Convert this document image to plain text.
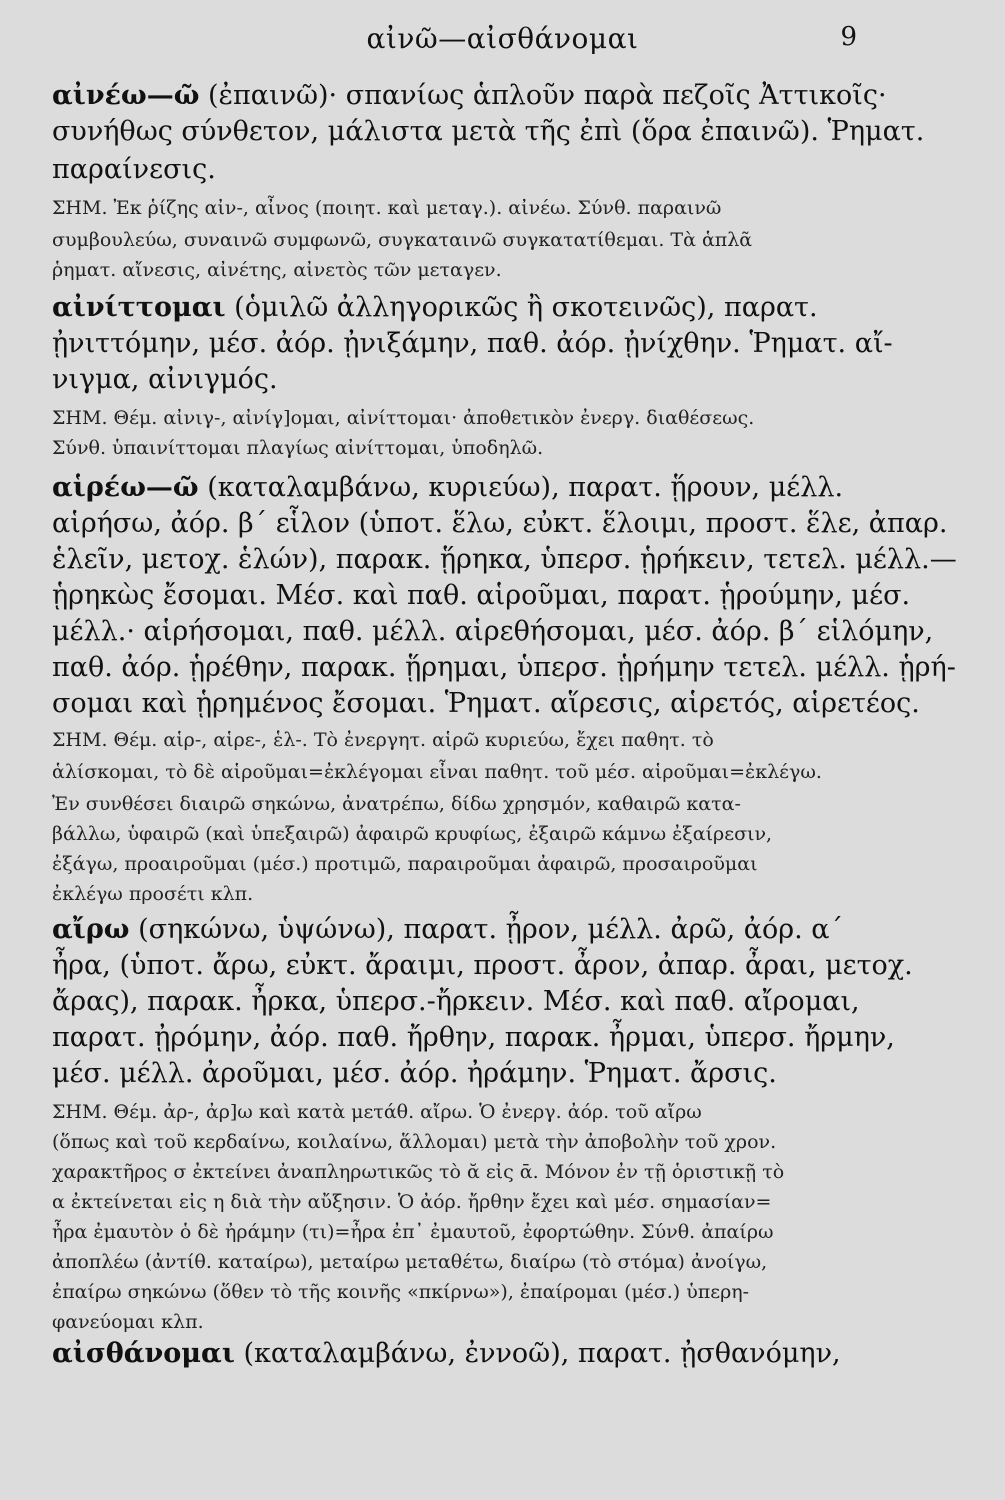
αἰνῶ—αἰσθάνομαι	9
αἰνέω—ῶ (ἐπαινῶ)· σπανίως ἁπλοῦν παρὰ πεζοῖς Ἀττικοῖς·
συνήθως σύνθετον, μάλιστα μετὰ τῆς ἐπὶ (ὅρα ἐπαινῶ). Ῥηματ.
παραίνεσις.
ΣΗΜ. Ἐκ ῥίζης αἰν-, αἶνος (ποιητ. καὶ μεταγ.). αἰνέω. Σύνθ. παραινῶ
συμβουλεύω, συναινῶ συμφωνῶ, συγκαταινῶ συγκατατίθεμαι. Τὰ ἁπλᾶ
ῥηματ. αἴνεσις, αἰνέτης, αἰνετὸς τῶν μεταγεν.
αἰνίττομαι (ὁμιλῶ ἀλληγορικῶς ἢ σκοτεινῶς), παρατ.
ᾐνιττόμην, μέσ. ἀόρ. ᾐνιξάμην, παθ. ἀόρ. ᾐνίχθην. Ῥηματ. αἴ-
νιγμα, αἰνιγμός.
ΣΗΜ. Θέμ. αἰνιγ-, αἰνίγ]ομαι, αἰνίττομαι· ἀποθετικὸν ἐνεργ. διαθέσεως.
Σύνθ. ὑπαινίττομαι πλαγίως αἰνίττομαι, ὑποδηλῶ.
αἱρέω—ῶ (καταλαμβάνω, κυριεύω), παρατ. ᾕρουν, μέλλ.
αἱρήσω, ἀόρ. β΄ εἷλον (ὑποτ. ἕλω, εὐκτ. ἕλοιμι, προστ. ἕλε, ἀπαρ.
ἑλεῖν, μετοχ. ἑλών), παρακ. ᾕρηκα, ὑπερσ. ᾑρήκειν, τετελ. μέλλ.—
ᾑρηκὼς ἔσομαι. Μέσ. καὶ παθ. αἱροῦμαι, παρατ. ᾑρούμην, μέσ.
μέλλ.· αἱρήσομαι, παθ. μέλλ. αἱρεθήσομαι, μέσ. ἀόρ. β΄ εἱλόμην,
παθ. ἀόρ. ᾑρέθην, παρακ. ᾕρημαι, ὑπερσ. ᾑρήμην τετελ. μέλλ. ᾑρή-
σομαι καὶ ᾑρημένος ἔσομαι. Ῥηματ. αἵρεσις, αἱρετός, αἱρετέος.
ΣΗΜ. Θέμ. αἱρ-, αἱρε-, ἑλ-. Τὸ ἐνεργητ. αἱρῶ κυριεύω, ἔχει παθητ. τὸ
ἁλίσκομαι, τὸ δὲ αἱροῦμαι=ἐκλέγομαι εἶναι παθητ. τοῦ μέσ. αἱροῦμαι=ἐκλέγω.
Ἐν συνθέσει διαιρῶ σηκώνω, ἀνατρέπω, δίδω χρησμόν, καθαιρῶ κατα-
βάλλω, ὑφαιρῶ (καὶ ὑπεξαιρῶ) ἀφαιρῶ κρυφίως, ἐξαιρῶ κάμνω ἐξαίρεσιν,
ἐξάγω, προαιροῦμαι (μέσ.) προτιμῶ, παραιροῦμαι ἀφαιρῶ, προσαιροῦμαι
ἐκλέγω προσέτι κλπ.
αἴρω (σηκώνω, ὑψώνω), παρατ. ᾖρον, μέλλ. ἀρῶ, ἀόρ. α΄
ἦρα, (ὑποτ. ἄρω, εὐκτ. ἄραιμι, προστ. ἆρον, ἀπαρ. ἆραι, μετοχ.
ἄρας), παρακ. ἦρκα, ὑπερσ.-ἤρκειν. Μέσ. καὶ παθ. αἴρομαι,
παρατ. ᾐρόμην, ἀόρ. παθ. ἤρθην, παρακ. ἦρμαι, ὑπερσ. ἤρμην,
μέσ. μέλλ. ἀροῦμαι, μέσ. ἀόρ. ἠράμην. Ῥηματ. ἄρσις.
ΣΗΜ. Θέμ. ἀρ-, ἀρ]ω καὶ κατὰ μετάθ. αἴρω. Ὁ ἐνεργ. ἀόρ. τοῦ αἴρω
(ὅπως καὶ τοῦ κερδαίνω, κοιλαίνω, ἅλλομαι) μετὰ τὴν ἀποβολὴν τοῦ χρον.
χαρακτῆρος σ ἐκτείνει ἀναπληρωτικῶς τὸ ᾰ εἰς ᾱ. Μόνον ἐν τῇ ὁριστικῇ τὸ
α ἐκτείνεται εἰς η διὰ τὴν αὔξησιν. Ὁ ἀόρ. ἤρθην ἔχει καὶ μέσ. σημασίαν=
ἦρα ἐμαυτὸν ὁ δὲ ἠράμην (τι)=ἦρα ἐπ᾿ ἐμαυτοῦ, ἐφορτώθην. Σύνθ. ἀπαίρω
ἀποπλέω (ἀντίθ. καταίρω), μεταίρω μεταθέτω, διαίρω (τὸ στόμα) ἀνοίγω,
ἐπαίρω σηκώνω (ὅθεν τὸ τῆς κοινῆς «πκίρνω»), ἐπαίρομαι (μέσ.) ὑπερη-
φανεύομαι κλπ.
αἰσθάνομαι (καταλαμβάνω, ἐννοῶ), παρατ. ᾐσθανόμην,
